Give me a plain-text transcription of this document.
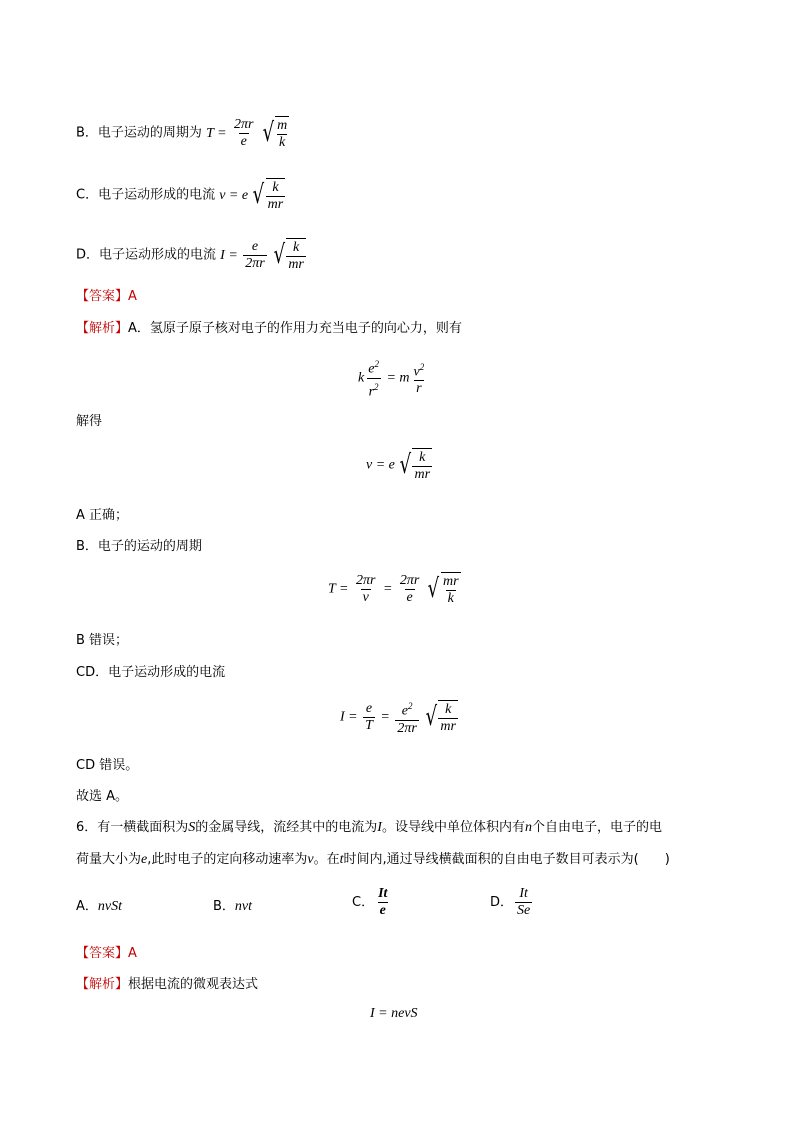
B．电子运动的周期为 $T = \frac{2\pi r}{e}$ √ $\frac{m}{k}$
C．电子运动形成的电流 v = e √ $\frac{k}{mr}$
D．电子运动形成的电流 $I = \frac{e}{2\pi r}$ √ $\frac{k}{mr}$
【答案】A
【解析】A．氢原子原子核对电子的作用力充当电子的向心力，则有
k $\frac{e^2}{r^2} = m \frac{v^2}{r}$
解得
v = e √ $\frac{k}{mr}$
A 正确；
B．电子的运动的周期
$T = \frac{2\pi r}{v} = \frac{2\pi r}{e}$ √ $\frac{mr}{k}$
B 错误；
CD．电子运动形成的电流
$I = \frac{e}{T} = \frac{e^2}{2\pi r}$ √ $\frac{k}{mr}$
CD 错误。
故选 A。
6．有一横截面积为S的金属导线，流经其中的电流为I。设导线中单位体积内有n个自由电子，电子的电
荷量大小为e,此时电子的定向移动速率为v。在t时间内,通过导线横截面积的自由电子数目可表示为(　　)
A．nvSt	B．nvt	C． $\frac{It}{e}$	D． $\frac{It}{Se}$
【答案】A
【解析】根据电流的微观表达式
I = nevS
